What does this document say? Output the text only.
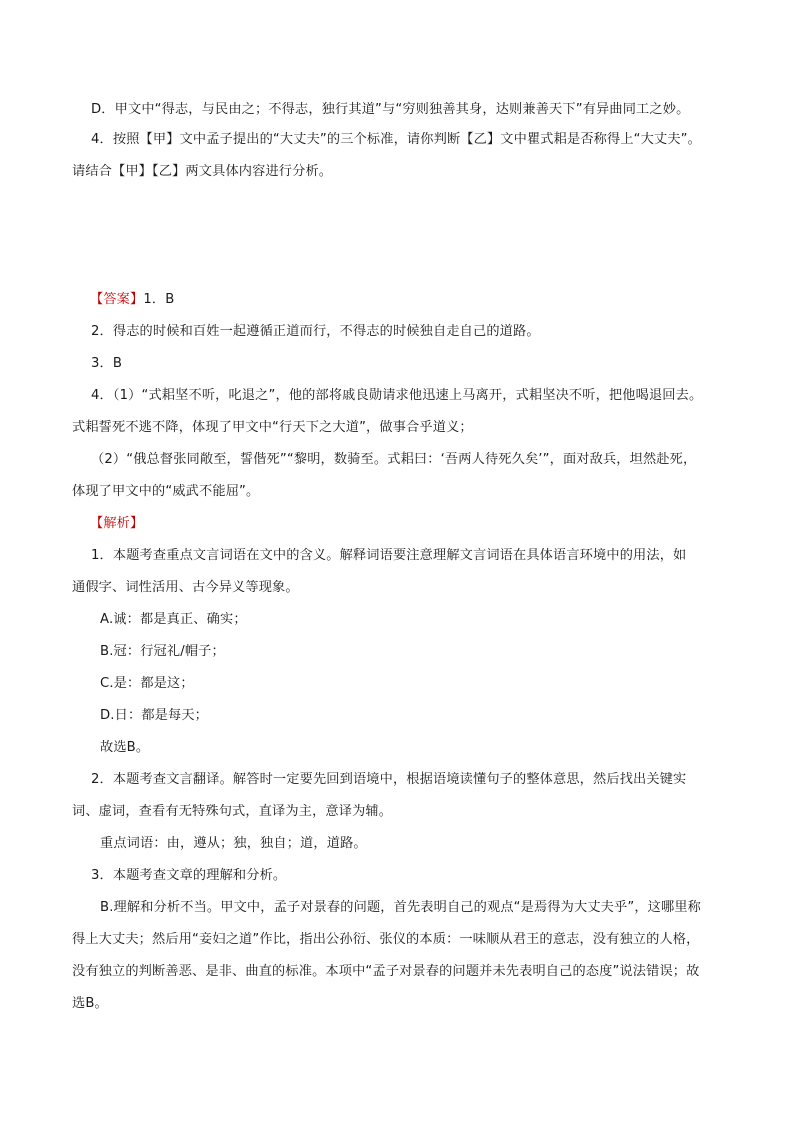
D．甲文中“得志，与民由之；不得志，独行其道”与“穷则独善其身，达则兼善天下”有异曲同工之妙。
4．按照【甲】文中孟子提出的“大丈夫”的三个标准，请你判断【乙】文中瞿式耜是否称得上“大丈夫”。
请结合【甲】【乙】两文具体内容进行分析。
【答案】1．B
2．得志的时候和百姓一起遵循正道而行，不得志的时候独自走自己的道路。
3．B
4．（1）“式耜坚不听，叱退之”，他的部将戚良勋请求他迅速上马离开，式耜坚决不听，把他喝退回去。
式耜誓死不逃不降，体现了甲文中“行天下之大道”，做事合乎道义；
（2）“俄总督张同敞至，誓偕死”“黎明，数骑至。式耜曰：‘吾两人待死久矣’”，面对敌兵，坦然赴死，
体现了甲文中的“威武不能屈”。
【解析】
1．本题考查重点文言词语在文中的含义。解释词语要注意理解文言词语在具体语言环境中的用法，如
通假字、词性活用、古今异义等现象。
A.诚：都是真正、确实；
B.冠：行冠礼/帽子；
C.是：都是这；
D.日：都是每天；
故选B。
2．本题考查文言翻译。解答时一定要先回到语境中，根据语境读懂句子的整体意思，然后找出关键实
词、虚词，查看有无特殊句式，直译为主，意译为辅。
重点词语：由，遵从；独，独自；道，道路。
3．本题考查文章的理解和分析。
B.理解和分析不当。甲文中，孟子对景春的问题，首先表明自己的观点“是焉得为大丈夫乎”，这哪里称
得上大丈夫；然后用“妾妇之道”作比，指出公孙衍、张仪的本质：一味顺从君王的意志，没有独立的人格，
没有独立的判断善恶、是非、曲直的标准。本项中“孟子对景春的问题并未先表明自己的态度”说法错误；故
选B。
